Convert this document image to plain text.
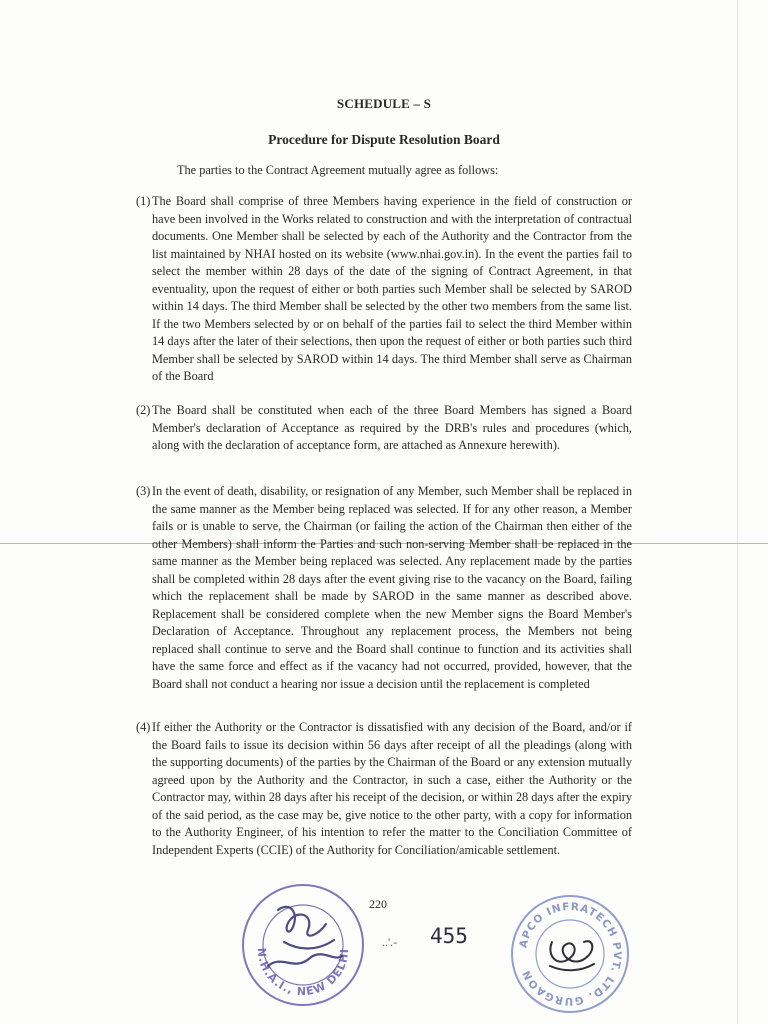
SCHEDULE – S
Procedure for Dispute Resolution Board
The parties to the Contract Agreement mutually agree as follows:
(1) The Board shall comprise of three Members having experience in the field of construction or have been involved in the Works related to construction and with the interpretation of contractual documents. One Member shall be selected by each of the Authority and the Contractor from the list maintained by NHAI hosted on its website (www.nhai.gov.in). In the event the parties fail to select the member within 28 days of the date of the signing of Contract Agreement, in that eventuality, upon the request of either or both parties such Member shall be selected by SAROD within 14 days. The third Member shall be selected by the other two members from the same list. If the two Members selected by or on behalf of the parties fail to select the third Member within 14 days after the later of their selections, then upon the request of either or both parties such third Member shall be selected by SAROD within 14 days. The third Member shall serve as Chairman of the Board
(2) The Board shall be constituted when each of the three Board Members has signed a Board Member's declaration of Acceptance as required by the DRB's rules and procedures (which, along with the declaration of acceptance form, are attached as Annexure herewith).
(3) In the event of death, disability, or resignation of any Member, such Member shall be replaced in the same manner as the Member being replaced was selected. If for any other reason, a Member fails or is unable to serve, the Chairman (or failing the action of the Chairman then either of the other Members) shall inform the Parties and such non-serving Member shall be replaced in the same manner as the Member being replaced was selected. Any replacement made by the parties shall be completed within 28 days after the event giving rise to the vacancy on the Board, failing which the replacement shall be made by SAROD in the same manner as described above. Replacement shall be considered complete when the new Member signs the Board Member's Declaration of Acceptance. Throughout any replacement process, the Members not being replaced shall continue to serve and the Board shall continue to function and its activities shall have the same force and effect as if the vacancy had not occurred, provided, however, that the Board shall not conduct a hearing nor issue a decision until the replacement is completed
(4) If either the Authority or the Contractor is dissatisfied with any decision of the Board, and/or if the Board fails to issue its decision within 56 days after receipt of all the pleadings (along with the supporting documents) of the parties by the Chairman of the Board or any extension mutually agreed upon by the Authority and the Contractor, in such a case, either the Authority or the Contractor may, within 28 days after his receipt of the decision, or within 28 days after the expiry of the said period, as the case may be, give notice to the other party, with a copy for information to the Authority Engineer, of his intention to refer the matter to the Conciliation Committee of Independent Experts (CCIE) of the Authority for Conciliation/amicable settlement.
220
..'.- 455
N.H.A.I., NEW DELHI
APCO INFRATECH PVT. LTD. GURGAON
